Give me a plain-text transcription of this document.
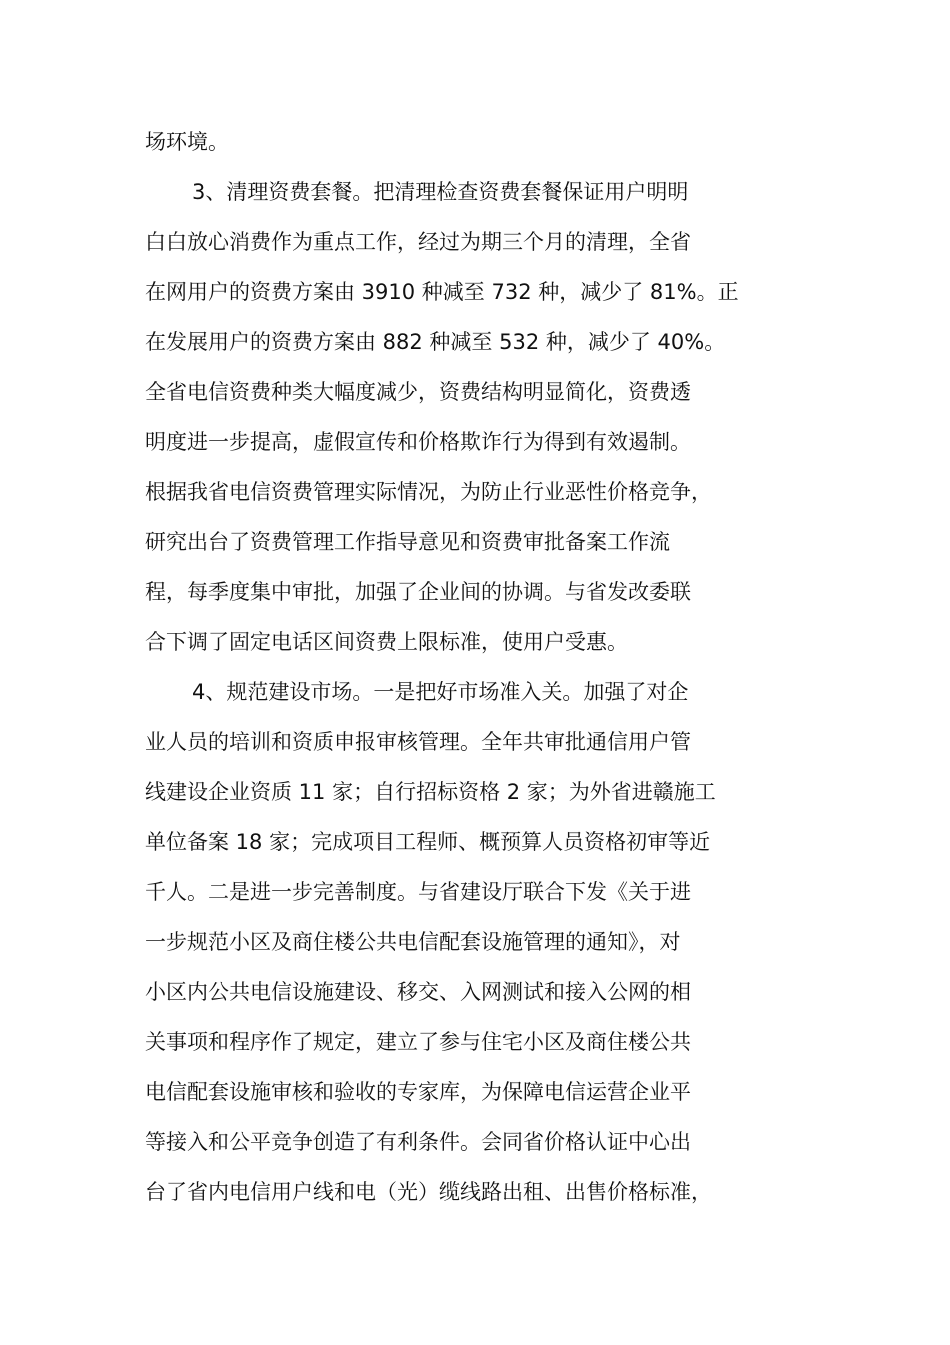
场环境。
3、清理资费套餐。把清理检查资费套餐保证用户明明
白白放心消费作为重点工作，经过为期三个月的清理，全省
在网用户的资费方案由 3910 种减至 732 种，减少了 81%。正
在发展用户的资费方案由 882 种减至 532 种，减少了 40%。
全省电信资费种类大幅度减少，资费结构明显简化，资费透
明度进一步提高，虚假宣传和价格欺诈行为得到有效遏制。
根据我省电信资费管理实际情况，为防止行业恶性价格竞争，
研究出台了资费管理工作指导意见和资费审批备案工作流
程，每季度集中审批，加强了企业间的协调。与省发改委联
合下调了固定电话区间资费上限标准，使用户受惠。
4、规范建设市场。一是把好市场准入关。加强了对企
业人员的培训和资质申报审核管理。全年共审批通信用户管
线建设企业资质 11 家；自行招标资格 2 家；为外省进赣施工
单位备案 18 家；完成项目工程师、概预算人员资格初审等近
千人。二是进一步完善制度。与省建设厅联合下发《关于进
一步规范小区及商住楼公共电信配套设施管理的通知》，对
小区内公共电信设施建设、移交、入网测试和接入公网的相
关事项和程序作了规定，建立了参与住宅小区及商住楼公共
电信配套设施审核和验收的专家库，为保障电信运营企业平
等接入和公平竞争创造了有利条件。会同省价格认证中心出
台了省内电信用户线和电（光）缆线路出租、出售价格标准，
